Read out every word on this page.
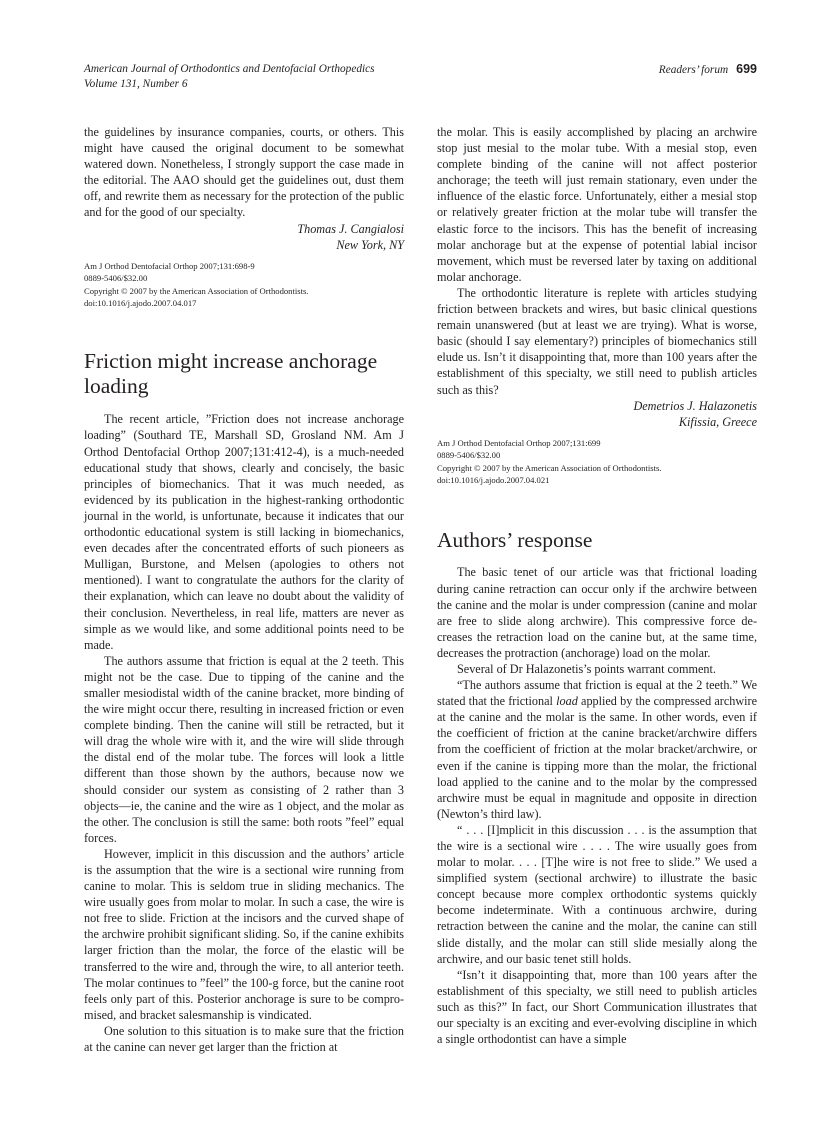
American Journal of Orthodontics and Dentofacial Orthopedics
Volume 131, Number 6
Readers’ forum 699

the guidelines by insurance companies, courts, or others. This might have caused the original document to be somewhat watered down. Nonetheless, I strongly support the case made in the editorial. The AAO should get the guidelines out, dust them off, and rewrite them as necessary for the protection of the public and for the good of our specialty.

Thomas J. Cangialosi
New York, NY
Am J Orthod Dentofacial Orthop 2007;131:698-9
0889-5406/$32.00
Copyright © 2007 by the American Association of Orthodontists.
doi:10.1016/j.ajodo.2007.04.017
Friction might increase anchorage loading

The recent article, ”Friction does not increase anchorage loading” (Southard TE, Marshall SD, Grosland NM. Am J Orthod Dentofacial Orthop 2007;131:412-4), is a much-needed educational study that shows, clearly and concisely, the basic principles of biomechanics. That it was much needed, as evidenced by its publication in the highest-ranking orthodontic journal in the world, is unfortunate, because it indicates that our orthodontic educational system is still lacking in biomechanics, even decades after the concentrated efforts of such pioneers as Mulligan, Burstone, and Melsen (apologies to others not mentioned). I want to congratulate the authors for the clarity of their explanation, which can leave no doubt about the validity of their conclusion. Nevertheless, in real life, matters are never as simple as we would like, and some additional points need to be made.

The authors assume that friction is equal at the 2 teeth. This might not be the case. Due to tipping of the canine and the smaller mesiodistal width of the canine bracket, more binding of the wire might occur there, resulting in increased friction or even complete binding. Then the canine will still be retracted, but it will drag the whole wire with it, and the wire will slide through the distal end of the molar tube. The forces will look a little different than those shown by the authors, because now we should consider our system as consisting of 2 rather than 3 objects—ie, the canine and the wire as 1 object, and the molar as the other. The conclusion is still the same: both roots ”feel” equal forces.

However, implicit in this discussion and the authors’ article is the assumption that the wire is a sectional wire running from canine to molar. This is seldom true in sliding mechanics. The wire usually goes from molar to molar. In such a case, the wire is not free to slide. Friction at the incisors and the curved shape of the archwire prohibit significant sliding. So, if the canine exhibits larger friction than the molar, the force of the elastic will be transferred to the wire and, through the wire, to all anterior teeth. The molar continues to ”feel” the 100-g force, but the canine root feels only part of this. Posterior anchorage is sure to be compromised, and bracket salesmanship is vindicated.

One solution to this situation is to make sure that the friction at the canine can never get larger than the friction at

the molar. This is easily accomplished by placing an archwire stop just mesial to the molar tube. With a mesial stop, even complete binding of the canine will not affect posterior anchorage; the teeth will just remain stationary, even under the influence of the elastic force. Unfortunately, either a mesial stop or relatively greater friction at the molar tube will transfer the elastic force to the incisors. This has the benefit of increasing molar anchorage but at the expense of potential labial incisor movement, which must be reversed later by taxing on additional molar anchorage.

The orthodontic literature is replete with articles studying friction between brackets and wires, but basic clinical questions remain unanswered (but at least we are trying). What is worse, basic (should I say elementary?) principles of biomechanics still elude us. Isn’t it disappointing that, more than 100 years after the establishment of this specialty, we still need to publish articles such as this?

Demetrios J. Halazonetis
Kifissia, Greece
Am J Orthod Dentofacial Orthop 2007;131:699
0889-5406/$32.00
Copyright © 2007 by the American Association of Orthodontists.
doi:10.1016/j.ajodo.2007.04.021
Authors’ response

The basic tenet of our article was that frictional loading during canine retraction can occur only if the archwire between the canine and the molar is under compression (canine and molar are free to slide along archwire). This compressive force decreases the retraction load on the canine but, at the same time, decreases the protraction (anchorage) load on the molar.

Several of Dr Halazonetis’s points warrant comment.

“The authors assume that friction is equal at the 2 teeth.” We stated that the frictional load applied by the compressed archwire at the canine and the molar is the same. In other words, even if the coefficient of friction at the canine bracket/archwire differs from the coefficient of friction at the molar bracket/archwire, or even if the canine is tipping more than the molar, the frictional load applied to the canine and to the molar by the compressed archwire must be equal in magnitude and opposite in direction (Newton’s third law).

“ . . . [I]mplicit in this discussion . . . is the assumption that the wire is a sectional wire . . . . The wire usually goes from molar to molar. . . . [T]he wire is not free to slide.” We used a simplified system (sectional archwire) to illustrate the basic concept because more complex orthodontic systems quickly become indeterminate. With a continuous archwire, during retraction between the canine and the molar, the canine can still slide distally, and the molar can still slide mesially along the archwire, and our basic tenet still holds.

“Isn’t it disappointing that, more than 100 years after the establishment of this specialty, we still need to publish articles such as this?” In fact, our Short Communication illustrates that our specialty is an exciting and ever-evolving discipline in which a single orthodontist can have a simple
